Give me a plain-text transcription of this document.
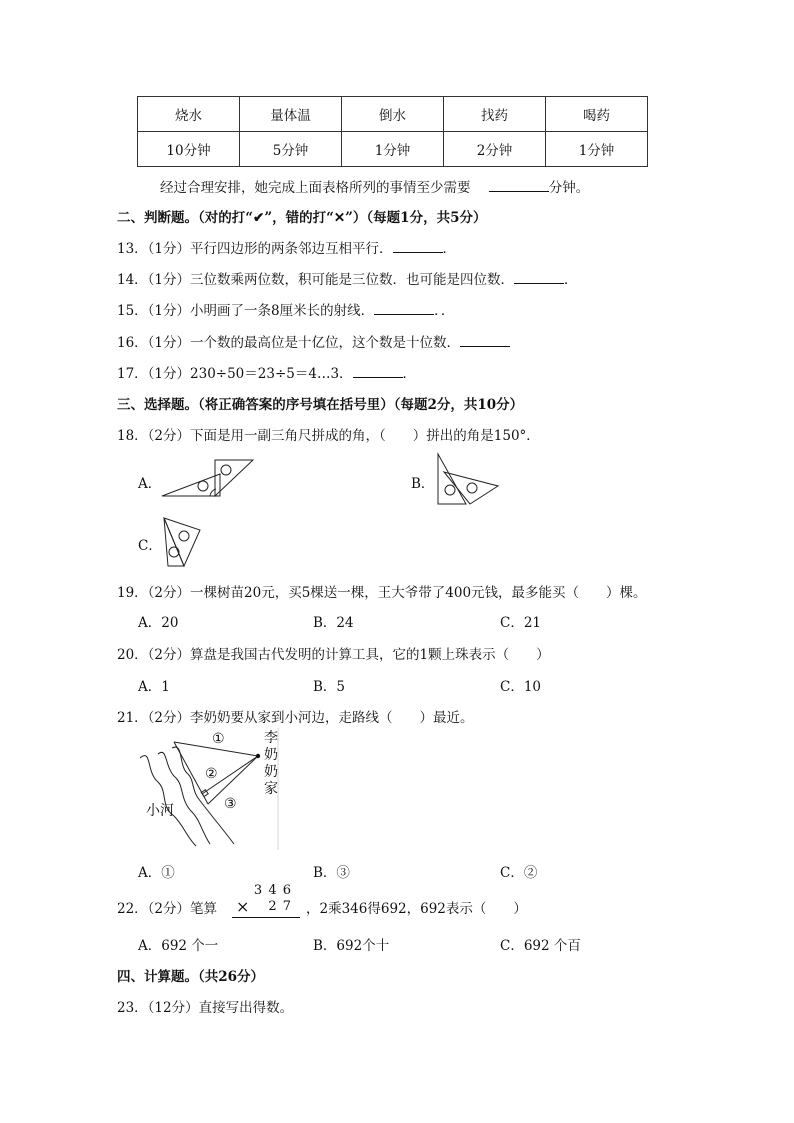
烧水	量体温	倒水	找药	喝药
10分钟	5分钟	1分钟	2分钟	1分钟
经过合理安排，她完成上面表格所列的事情至少需要	分钟。
二、判断题。（对的打“✔”，错的打“✕”）（每题1分，共5分）
13．（1分）平行四边形的两条邻边互相平行．	．
14．（1分）三位数乘两位数，积可能是三位数．也可能是四位数．	．
15．（1分）小明画了一条8厘米长的射线．	．．
16．（1分）一个数的最高位是十亿位，这个数是十位数．
17．（1分）230÷50＝23÷5＝4…3．	．
三、选择题。（将正确答案的序号填在括号里）（每题2分，共10分）
18．（2分）下面是用一副三角尺拼成的角，（　　）拼出的角是150°．
A．	B．
C．
19．（2分）一棵树苗20元，买5棵送一棵，王大爷带了400元钱，最多能买（　　）棵。
A．20	B．24	C．21
20．（2分）算盘是我国古代发明的计算工具，它的1颗上珠表示（　　）
A．1	B．5	C．10
21．（2分）李奶奶要从家到小河边，走路线（　　）最近。
①
②
③
小河
李
奶
奶
家
A．①	B．③	C．②
22．（2分）笔算
3 4 6
× 2 7 ，2乘346得692，692表示（　　）
A．692 个一	B．692个十	C．692 个百
四、计算题。（共26分）
23．（12分）直接写出得数。
